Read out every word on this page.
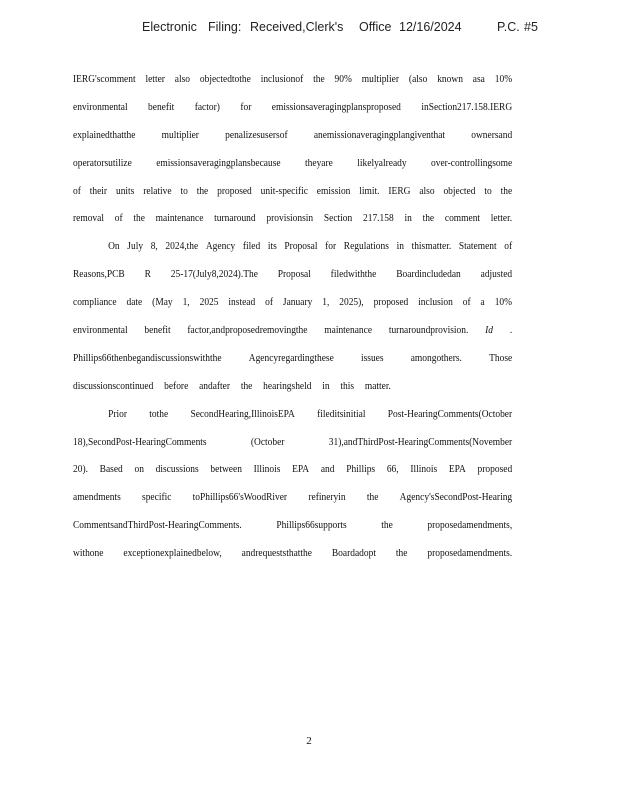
Electronic Filing: Received,Clerk's Office 12/16/2024	P.C. #5
IERG'scomment letter also objectedtothe inclusionof the 90% multiplier (also known asa 10%
environmental benefit factor) for emissionsaveragingplansproposed inSection217.158.IERG
explainedthatthe multiplier penalizesusersof anemissionaveragingplangiventhat ownersand
operatorsutilize emissionsaveragingplansbecause theyare likelyalready over-controllingsome
of their units relative to the proposed unit-specific emission limit. IERG also objected to the
removal of the maintenance turnaround provisionsin Section 217.158 in the comment letter.
On July 8, 2024,the Agency filed its Proposal for Regulations in thismatter. Statement of
Reasons,PCB R 25-17(July8,2024).The Proposal filedwiththe Boardincludedan adjusted
compliance date (May 1, 2025 instead of January 1, 2025), proposed inclusion of a 10%
environmental benefit factor,andproposedremovingthe maintenance turnaroundprovision. Id .
Phillips66thenbegandiscussionswiththe	Agencyregardingthese	issues	amongothers.	Those
discussionscontinued before andafter the hearingsheld in this matter.
Prior tothe SecondHearing,IllinoisEPA fileditsinitial Post-HearingComments(October
18),SecondPost-HearingComments	(October	31),andThirdPost-HearingComments(November
20). Based on discussions between Illinois EPA and Phillips 66, Illinois EPA proposed
amendments specific toPhillips66'sWoodRiver refineryin the Agency'sSecondPost-Hearing
CommentsandThirdPost-HearingComments.	Phillips66supports	the	proposedamendments,
withone exceptionexplainedbelow, andrequeststhatthe Boardadopt the proposedamendments.
2
